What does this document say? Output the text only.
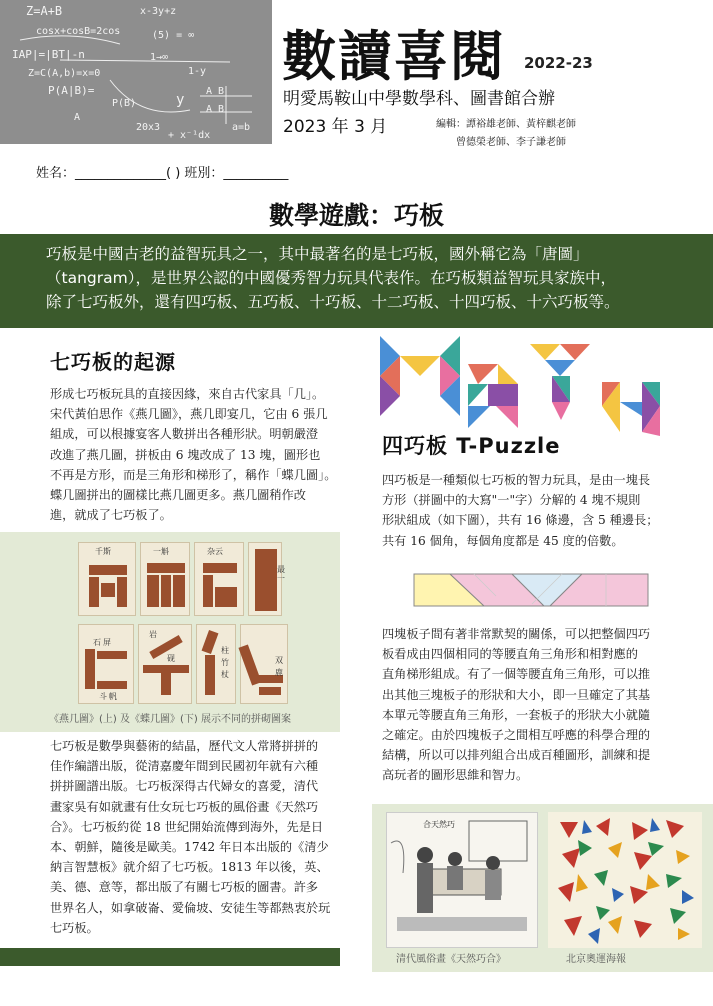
Z=A+B	x-3y+z
cosx+cosB=2cos	(5) = ∞
IAP|=|BT|-n	1→∞
Z=C(A,b)=x=0	1-y
P(A|B)=
P(B)
A B
y
A
A B
20x3
+ x⁻¹dx
a=b
數讀喜閱 2022-23
明愛馬鞍山中學數學科、圖書館合辦
2023 年 3 月	編輯：譚裕雄老師、黃梓麒老師
曾德榮老師、李子謙老師
姓名：______________( ) 班別：__________
數學遊戲：巧板
巧板是中國古老的益智玩具之一，其中最著名的是七巧板，國外稱它為「唐圖」
（tangram），是世界公認的中國優秀智力玩具代表作。在巧板類益智玩具家族中，
除了七巧板外，還有四巧板、五巧板、十巧板、十二巧板、十四巧板、十六巧板等。
七巧板的起源
形成七巧板玩具的直接因緣，來自古代家具「几」。
宋代黃伯思作《燕几圖》，燕几即宴几，它由 6 張几
組成，可以根據宴客人數拼出各種形狀。明朝嚴澄
改進了燕几圖，拼板由 6 塊改成了 13 塊，圖形也
不再是方形，而是三角形和梯形了，稱作「蝶几圖」。
蝶几圖拼出的圖樣比燕几圖更多。燕几圖稍作改
進，就成了七巧板了。
千斯	一斛	杂云
最一
石 屏
斗 帆
岩
砚	竹
杖
柱
双
鹿
《燕几圖》(上) 及《蝶几圖》(下) 展示不同的拼砌圖案
七巧板是數學與藝術的結晶，歷代文人常將拼拼的
佳作編譜出版，從清嘉慶年間到民國初年就有六種
拼拼圖譜出版。七巧板深得古代婦女的喜愛，清代
畫家吳有如就畫有仕女玩七巧板的風俗畫《天然巧
合》。七巧板約從 18 世紀開始流傳到海外，先是日
本、朝鮮，隨後是歐美。1742 年日本出版的《清少
納言智慧板》就介紹了七巧板。1813 年以後，英、
美、德、意等，都出版了有關七巧板的圖書。許多
世界名人，如拿破崙、愛倫坡、安徒生等都熱衷於玩
七巧板。
四巧板 T-Puzzle
四巧板是一種類似七巧板的智力玩具，是由一塊長
方形（拼圖中的大寫"一"字）分解的 4 塊不規則
形狀組成（如下圖），共有 16 條邊，含 5 種邊長；
共有 16 個角，每個角度都是 45 度的倍數。
四塊板子間有著非常默契的關係，可以把整個四巧
板看成由四個相同的等腰直角三角形和相對應的
直角梯形組成。有了一個等腰直角三角形，可以推
出其他三塊板子的形狀和大小，即一旦確定了其基
本單元等腰直角三角形，一套板子的形狀大小就隨
之確定。由於四塊板子之間相互呼應的科學合理的
結構，所以可以排列組合出成百種圖形，訓練和提
高玩者的圖形思維和智力。
合天然巧
清代風俗畫《天然巧合》	北京奧運海報
